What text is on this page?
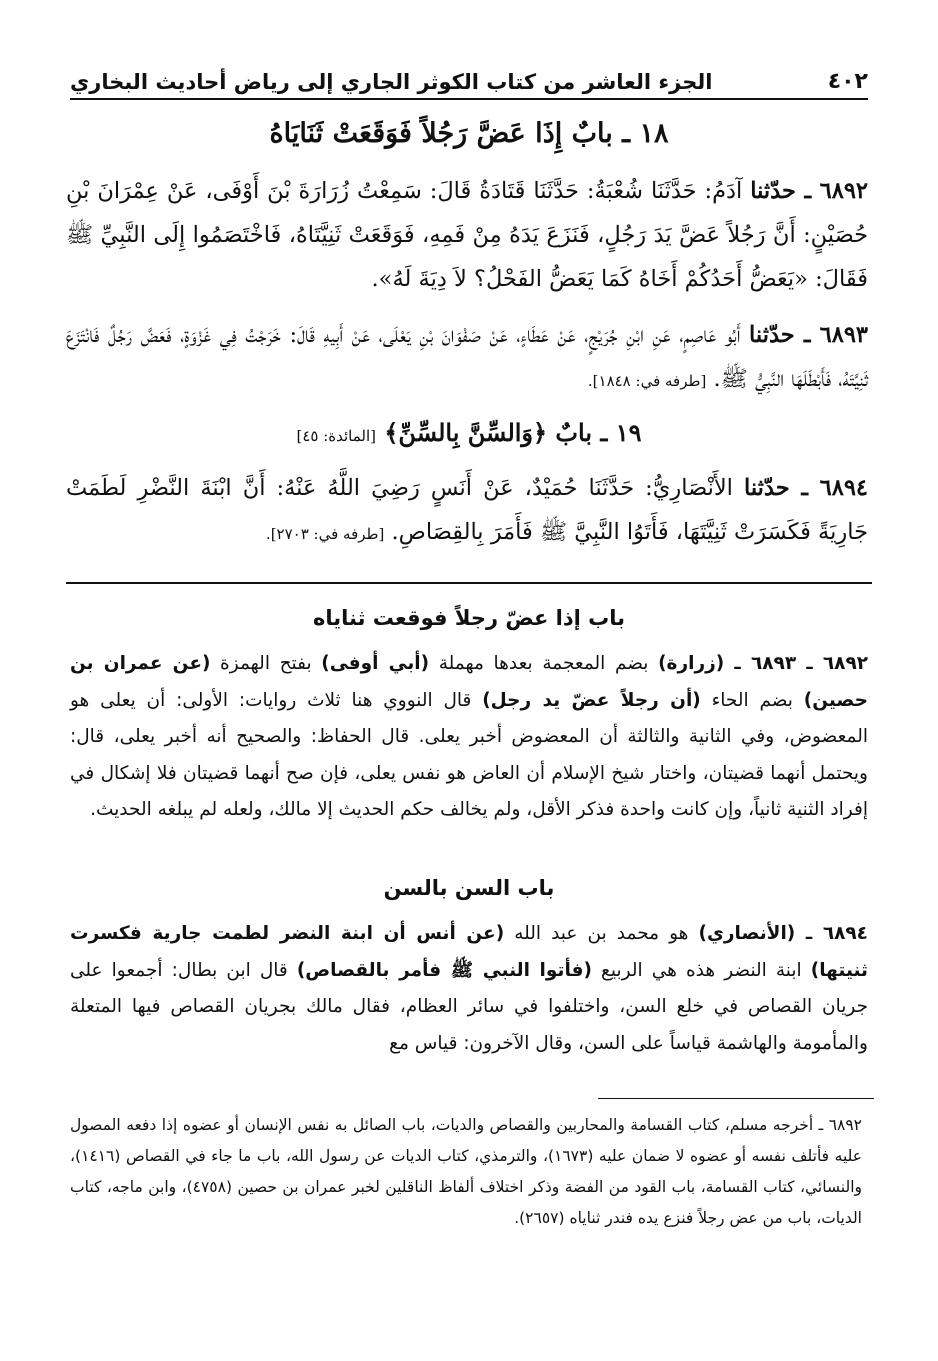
٤٠٢
الجزء العاشر من كتاب الكوثر الجاري إلى رياض أحاديث البخاري
١٨ ـ بابٌ إِذَا عَضَّ رَجُلاً فَوَقَعَتْ ثَنَايَاهُ
٦٨٩٢ ـ حدّثنا آدَمُ: حَدَّثَنَا شُعْبَةُ: حَدَّثَنَا قَتَادَةُ قَالَ: سَمِعْتُ زُرَارَةَ بْنَ أَوْفَى، عَنْ عِمْرَانَ بْنِ حُصَيْنٍ: أَنَّ رَجُلاً عَضَّ يَدَ رَجُلٍ، فَنَزَعَ يَدَهُ مِنْ فَمِهِ، فَوَقَعَتْ ثَنِيَّتَاهُ، فَاخْتَصَمُوا إِلَى النَّبِيِّ ﷺ فَقَالَ: «يَعَضُّ أَحَدُكُمْ أَخَاهُ كَمَا يَعَضُّ الفَحْلُ؟ لاَ دِيَةَ لَهُ».
٦٨٩٣ ـ حدّثنا أَبُو عَاصِمٍ، عَنِ ابْنِ جُرَيْجٍ، عَنْ عَطَاءٍ، عَنْ صَفْوَانَ بْنِ يَعْلَى، عَنْ أَبِيهِ قَالَ: خَرَجْتُ فِي غَزْوَةٍ، فَعَضَّ رَجُلٌ فَانْتَزَعَ ثَنِيَّتَهُ، فَأَبْطَلَهَا النَّبِيُّ ﷺ. [طرفه في: ١٨٤٨].
١٩ ـ بابٌ ﴿وَالسِّنَّ بِالسِّنِّ﴾ [المائدة: ٤٥]
٦٨٩٤ ـ حدّثنا الأَنْصَارِيُّ: حَدَّثَنَا حُمَيْدٌ، عَنْ أَنَسٍ رَضِيَ اللَّهُ عَنْهُ: أَنَّ ابْنَةَ النَّضْرِ لَطَمَتْ جَارِيَةً فَكَسَرَتْ ثَنِيَّتَهَا، فَأَتَوُا النَّبِيَّ ﷺ فَأَمَرَ بِالقِصَاصِ. [طرفه في: ٢٧٠٣].
باب إذا عضّ رجلاً فوقعت ثناياه
٦٨٩٢ ـ ٦٨٩٣ ـ (زرارة) بضم المعجمة بعدها مهملة (أبي أوفى) بفتح الهمزة (عن عمران بن حصين) بضم الحاء (أن رجلاً عضّ يد رجل) قال النووي هنا ثلاث روايات: الأولى: أن يعلى هو المعضوض، وفي الثانية والثالثة أن المعضوض أخبر يعلى. قال الحفاظ: والصحيح أنه أخبر يعلى، قال: ويحتمل أنهما قضيتان، واختار شيخ الإسلام أن العاض هو نفس يعلى، فإن صح أنهما قضيتان فلا إشكال في إفراد الثنية ثانياً، وإن كانت واحدة فذكر الأقل، ولم يخالف حكم الحديث إلا مالك، ولعله لم يبلغه الحديث.
باب السن بالسن
٦٨٩٤ ـ (الأنصاري) هو محمد بن عبد الله (عن أنس أن ابنة النضر لطمت جارية فكسرت ثنيتها) ابنة النضر هذه هي الربيع (فأتوا النبي ﷺ فأمر بالقصاص) قال ابن بطال: أجمعوا على جريان القصاص في خلع السن، واختلفوا في سائر العظام، فقال مالك بجريان القصاص فيها المتعلة والمأمومة والهاشمة قياساً على السن، وقال الآخرون: قياس مع
٦٨٩٢ ـ أخرجه مسلم، كتاب القسامة والمحاربين والقصاص والديات، باب الصائل به نفس الإنسان أو عضوه إذا دفعه المصول عليه فأتلف نفسه أو عضوه لا ضمان عليه (١٦٧٣)، والترمذي، كتاب الديات عن رسول الله، باب ما جاء في القصاص (١٤١٦)، والنسائي، كتاب القسامة، باب القود من الفضة وذكر اختلاف ألفاظ الناقلين لخبر عمران بن حصين (٤٧٥٨)، وابن ماجه، كتاب الديات، باب من عض رجلاً فنزع يده فندر ثناياه (٢٦٥٧).
